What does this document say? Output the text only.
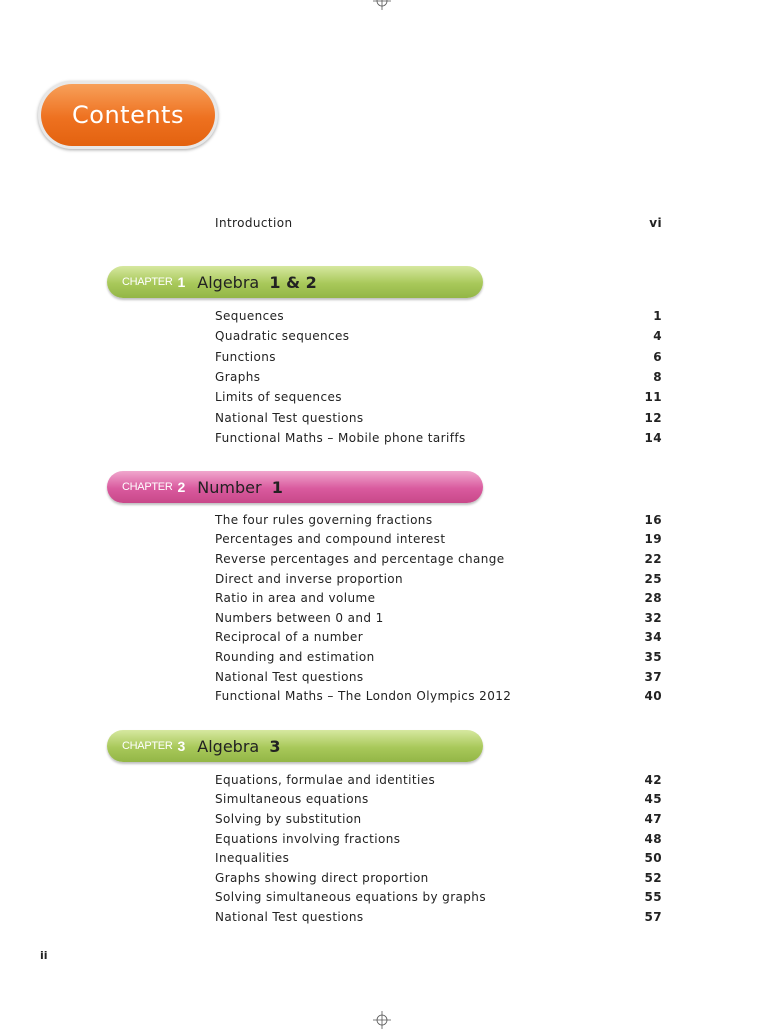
Contents
Introduction	vi
CHAPTER 1 Algebra 1 & 2
Sequences	1
Quadratic sequences	4
Functions	6
Graphs	8
Limits of sequences	11
National Test questions	12
Functional Maths – Mobile phone tariffs	14
CHAPTER 2 Number 1
The four rules governing fractions	16
Percentages and compound interest	19
Reverse percentages and percentage change	22
Direct and inverse proportion	25
Ratio in area and volume	28
Numbers between 0 and 1	32
Reciprocal of a number	34
Rounding and estimation	35
National Test questions	37
Functional Maths – The London Olympics 2012	40
CHAPTER 3 Algebra 3
Equations, formulae and identities	42
Simultaneous equations	45
Solving by substitution	47
Equations involving fractions	48
Inequalities	50
Graphs showing direct proportion	52
Solving simultaneous equations by graphs	55
National Test questions	57
ii
